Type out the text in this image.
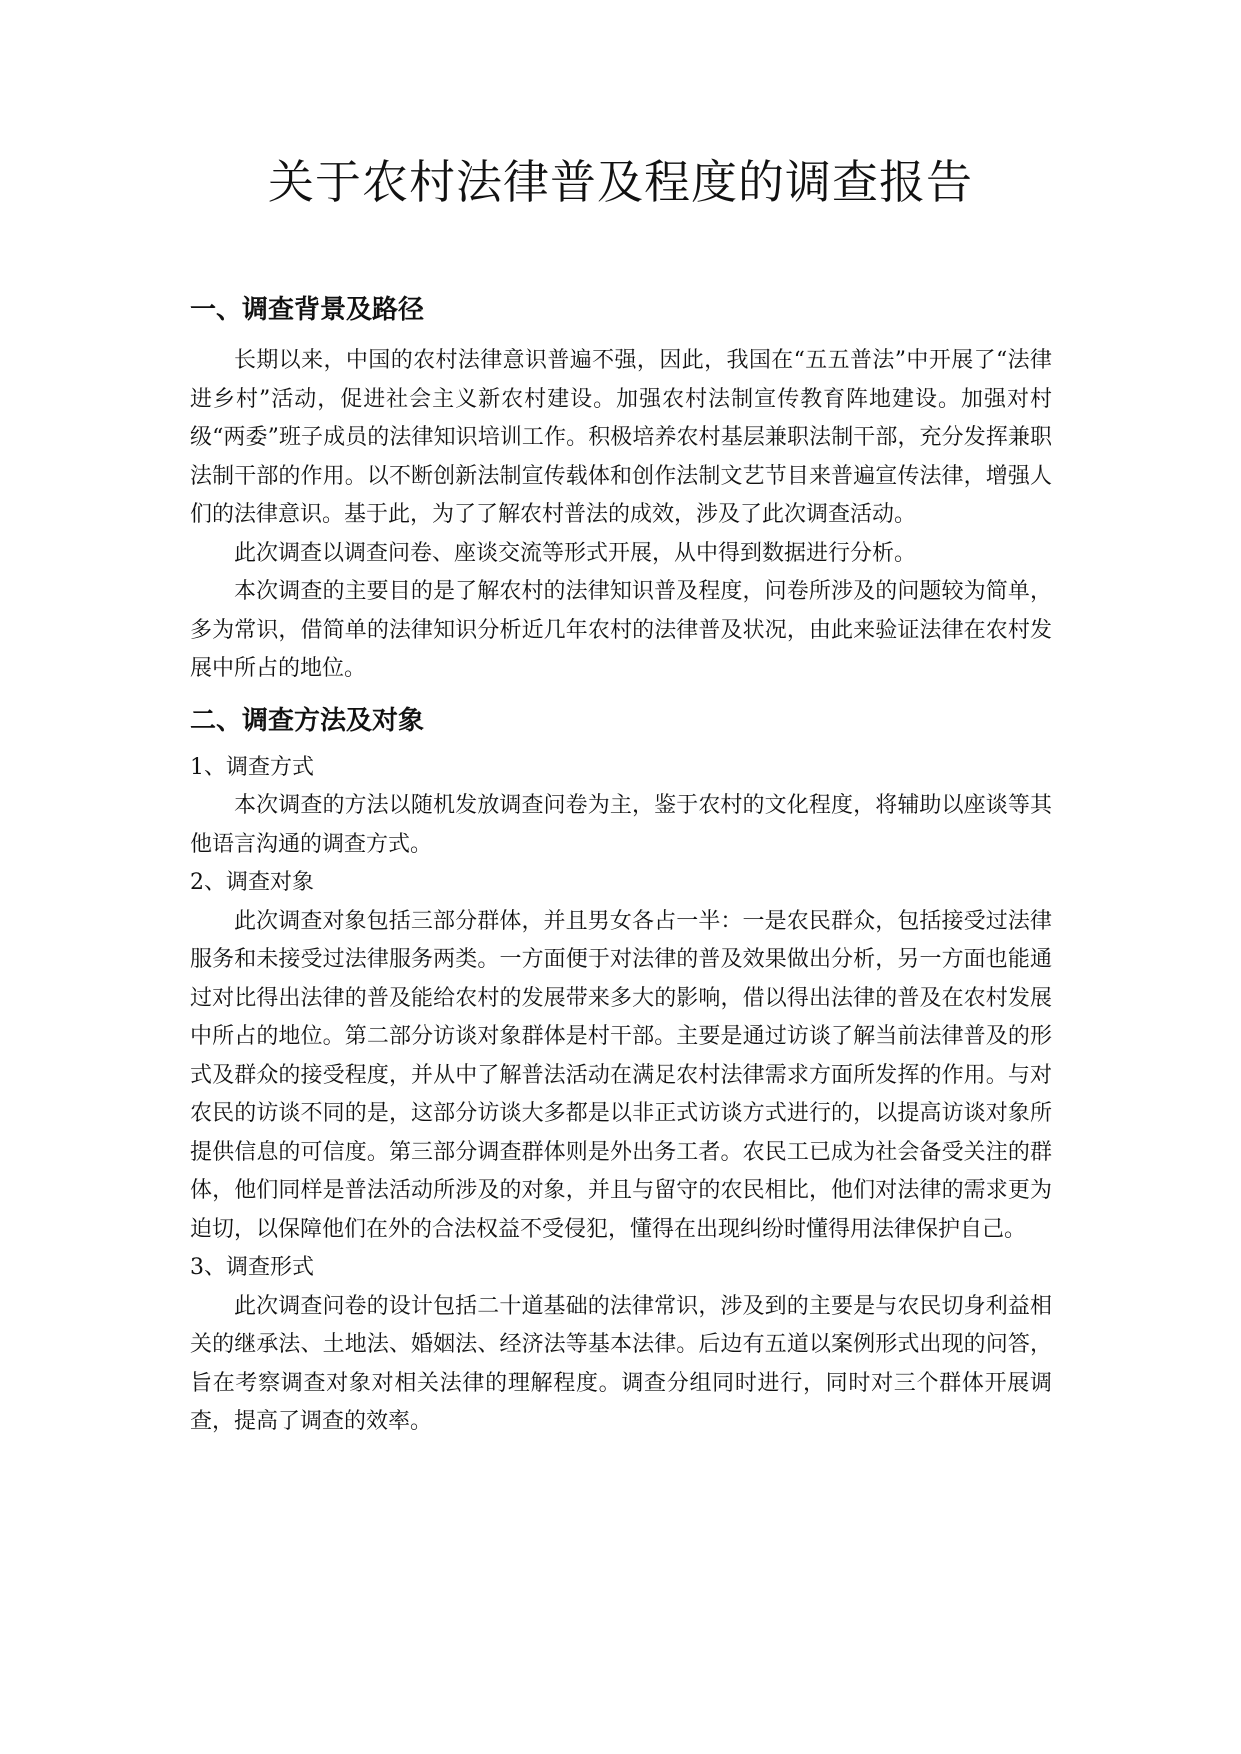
关于农村法律普及程度的调查报告
一、调查背景及路径

长期以来，中国的农村法律意识普遍不强，因此，我国在“五五普法”中开展了“法律进乡村”活动，促进社会主义新农村建设。加强农村法制宣传教育阵地建设。加强对村级“两委”班子成员的法律知识培训工作。积极培养农村基层兼职法制干部，充分发挥兼职法制干部的作用。以不断创新法制宣传载体和创作法制文艺节目来普遍宣传法律，增强人们的法律意识。基于此，为了了解农村普法的成效，涉及了此次调查活动。

此次调查以调查问卷、座谈交流等形式开展，从中得到数据进行分析。

本次调查的主要目的是了解农村的法律知识普及程度，问卷所涉及的问题较为简单，多为常识，借简单的法律知识分析近几年农村的法律普及状况，由此来验证法律在农村发展中所占的地位。

二、调查方法及对象

1、调查方式

本次调查的方法以随机发放调查问卷为主，鉴于农村的文化程度，将辅助以座谈等其他语言沟通的调查方式。

2、调查对象

此次调查对象包括三部分群体，并且男女各占一半：一是农民群众，包括接受过法律服务和未接受过法律服务两类。一方面便于对法律的普及效果做出分析，另一方面也能通过对比得出法律的普及能给农村的发展带来多大的影响，借以得出法律的普及在农村发展中所占的地位。第二部分访谈对象群体是村干部。主要是通过访谈了解当前法律普及的形式及群众的接受程度，并从中了解普法活动在满足农村法律需求方面所发挥的作用。与对农民的访谈不同的是，这部分访谈大多都是以非正式访谈方式进行的，以提高访谈对象所提供信息的可信度。第三部分调查群体则是外出务工者。农民工已成为社会备受关注的群体，他们同样是普法活动所涉及的对象，并且与留守的农民相比，他们对法律的需求更为迫切，以保障他们在外的合法权益不受侵犯，懂得在出现纠纷时懂得用法律保护自己。

3、调查形式

此次调查问卷的设计包括二十道基础的法律常识，涉及到的主要是与农民切身利益相关的继承法、土地法、婚姻法、经济法等基本法律。后边有五道以案例形式出现的问答，旨在考察调查对象对相关法律的理解程度。调查分组同时进行，同时对三个群体开展调查，提高了调查的效率。
